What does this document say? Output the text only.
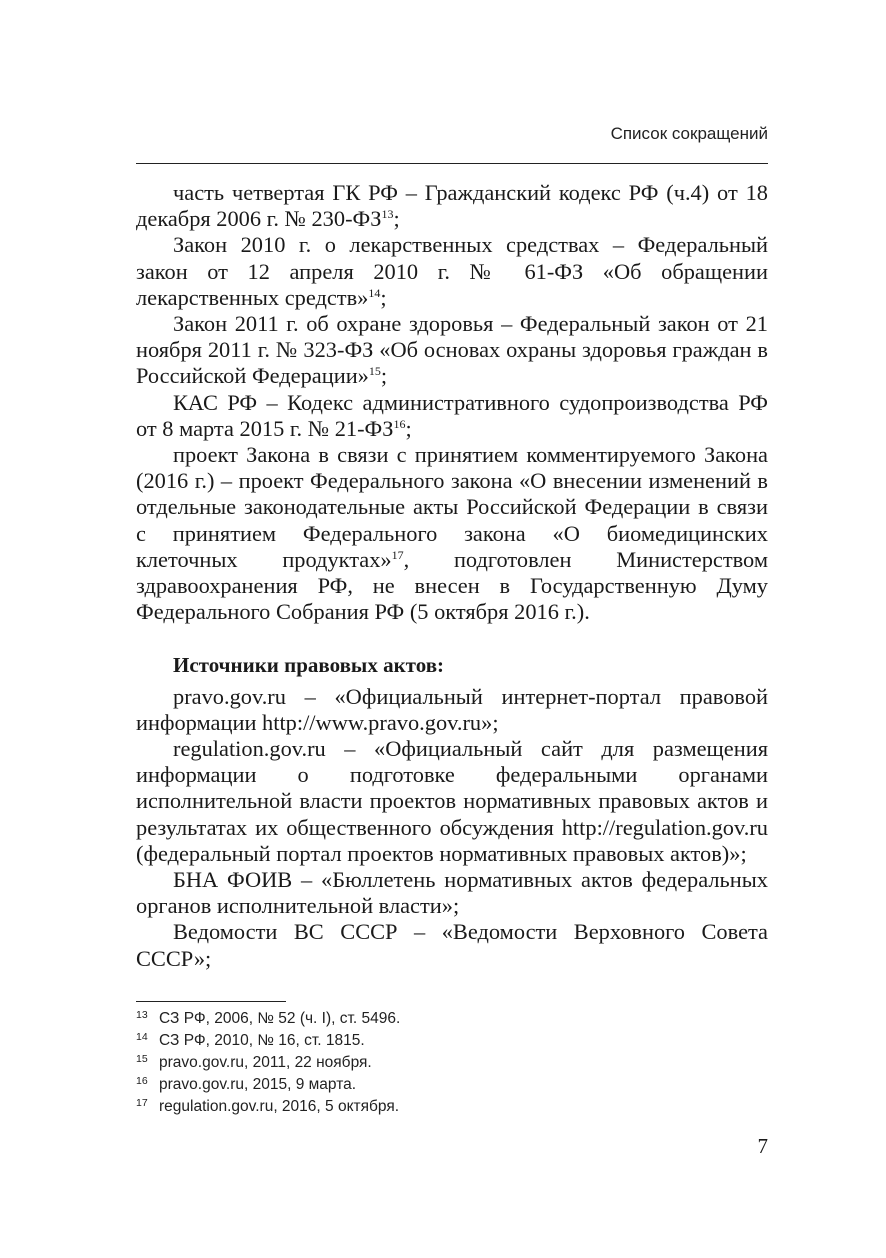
Список сокращений

часть четвертая ГК РФ – Гражданский кодекс РФ (ч.4) от 18 декабря 2006 г. № 230-ФЗ$^{13}$;

Закон 2010 г. о лекарственных средствах – Федеральный закон от 12 апреля 2010 г. № 61-ФЗ «Об обращении лекарственных средств»$^{14}$;

Закон 2011 г. об охране здоровья – Федеральный закон от 21 ноября 2011 г. № 323-ФЗ «Об основах охраны здоровья граждан в Российской Федерации»$^{15}$;

КАС РФ – Кодекс административного судопроизводства РФ от 8 марта 2015 г. № 21-ФЗ$^{16}$;

проект Закона в связи с принятием комментируемого Закона (2016 г.) – проект Федерального закона «О внесении изменений в отдельные законодательные акты Российской Федерации в связи с принятием Федерального закона «О биомедицинских клеточных продуктах»$^{17}$, подготовлен Министерством здравоохранения РФ, не внесен в Государственную Думу Федерального Собрания РФ (5 октября 2016 г.).

Источники правовых актов:

pravo.gov.ru – «Официальный интернет-портал правовой информации http://www.pravo.gov.ru»;

regulation.gov.ru – «Официальный сайт для размещения информации о подготовке федеральными органами исполнительной власти проектов нормативных правовых актов и результатах их общественного обсуждения http://regulation.gov.ru (федеральный портал проектов нормативных правовых актов)»;

БНА ФОИВ – «Бюллетень нормативных актов федеральных органов исполнительной власти»;

Ведомости ВС СССР – «Ведомости Верховного Совета СССР»;

13 СЗ РФ, 2006, № 52 (ч. I), ст. 5496.

14 СЗ РФ, 2010, № 16, ст. 1815.

15 pravo.gov.ru, 2011, 22 ноября.

16 pravo.gov.ru, 2015, 9 марта.

17 regulation.gov.ru, 2016, 5 октября.

7
